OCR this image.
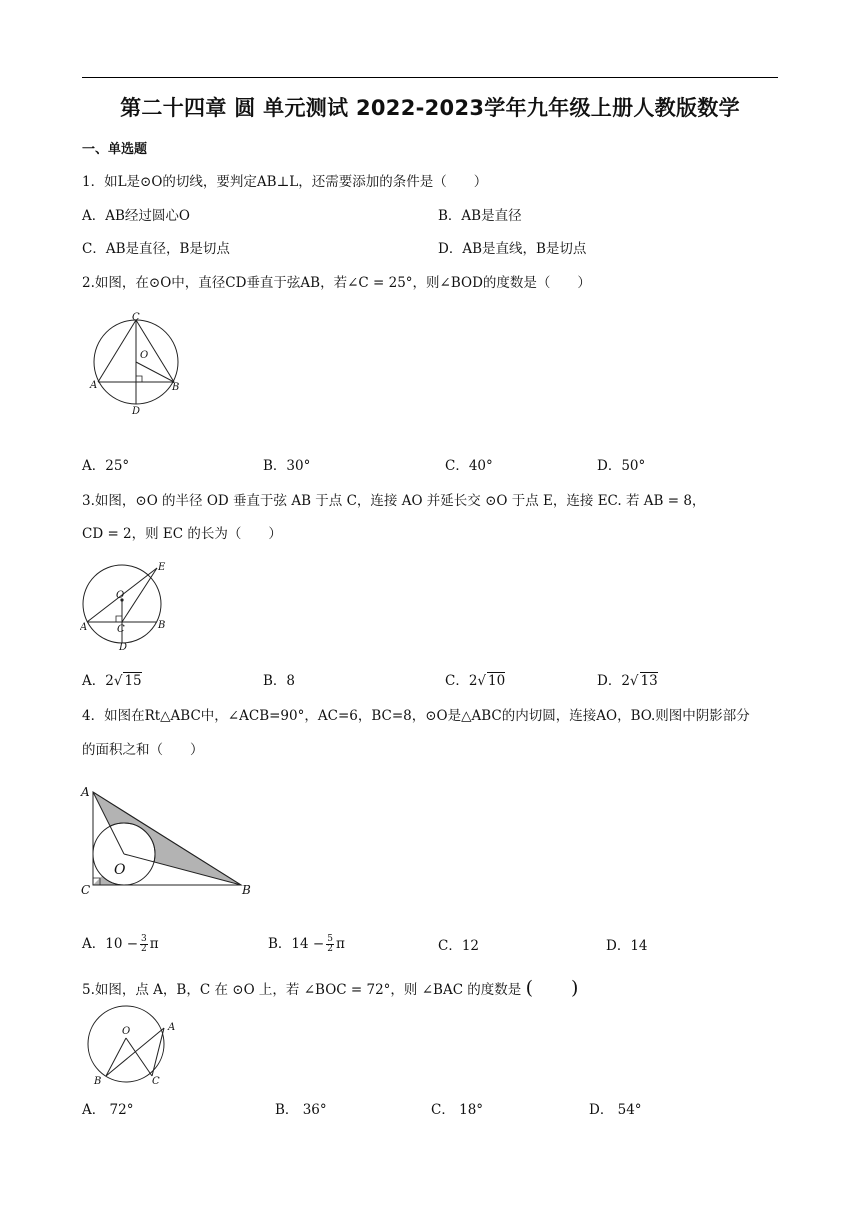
第二十四章 圆 单元测试 2022-2023学年九年级上册人教版数学
一、单选题
1．如L是⊙O的切线，要判定AB⊥L，还需要添加的条件是（　　）
A．AB经过圆心O	B．AB是直径
C．AB是直径，B是切点	D．AB是直线，B是切点
2.如图，在⊙O中，直径CD垂直于弦AB，若∠C = 25°，则∠BOD的度数是（　　）
C
O
A	B
D
A．25°	B．30°	C．40°	D．50°
3.如图，⊙O 的半径 OD 垂直于弦 AB 于点 C，连接 AO 并延长交 ⊙O 于点 E，连接 EC. 若 AB = 8，
CD = 2，则 EC 的长为（　　）
E
O
A	B
C
D
A．2√ 15	B．8	C．2√ 10	D．2√ 13
4．如图在Rt△ABC中，∠ACB=90°，AC=6，BC=8，⊙O是△ABC的内切圆，连接AO，BO.则图中阴影部分
的面积之和（　　）
A
O
C	B
A．$10 - \frac{3}{2}$ π	B．$14 - \frac{5}{2}$ π	C．12	D．14
5.如图，点 A，B，C 在 ⊙O 上，若 ∠BOC = 72°，则 ∠BAC 的度数是 (　　)
O	A
B	C
A． 72°	B． 36°	C． 18°	D． 54°
